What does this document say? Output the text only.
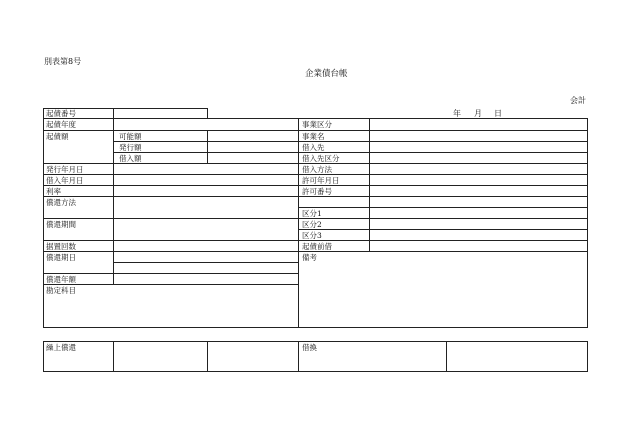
別表第8号
企業債台帳
会計
年 月 日
起債番号
起債年度
起債額	可能額
発行額
借入額
発行年月日
借入年月日
利率
償還方法
償還期間
据置回数
償還期日
償還年額
勘定科目
事業区分
事業名
借入先
借入先区分
借入方法
許可年月日
許可番号
区分1
区分2
区分3
起債前借
備考
繰上償還	借換
